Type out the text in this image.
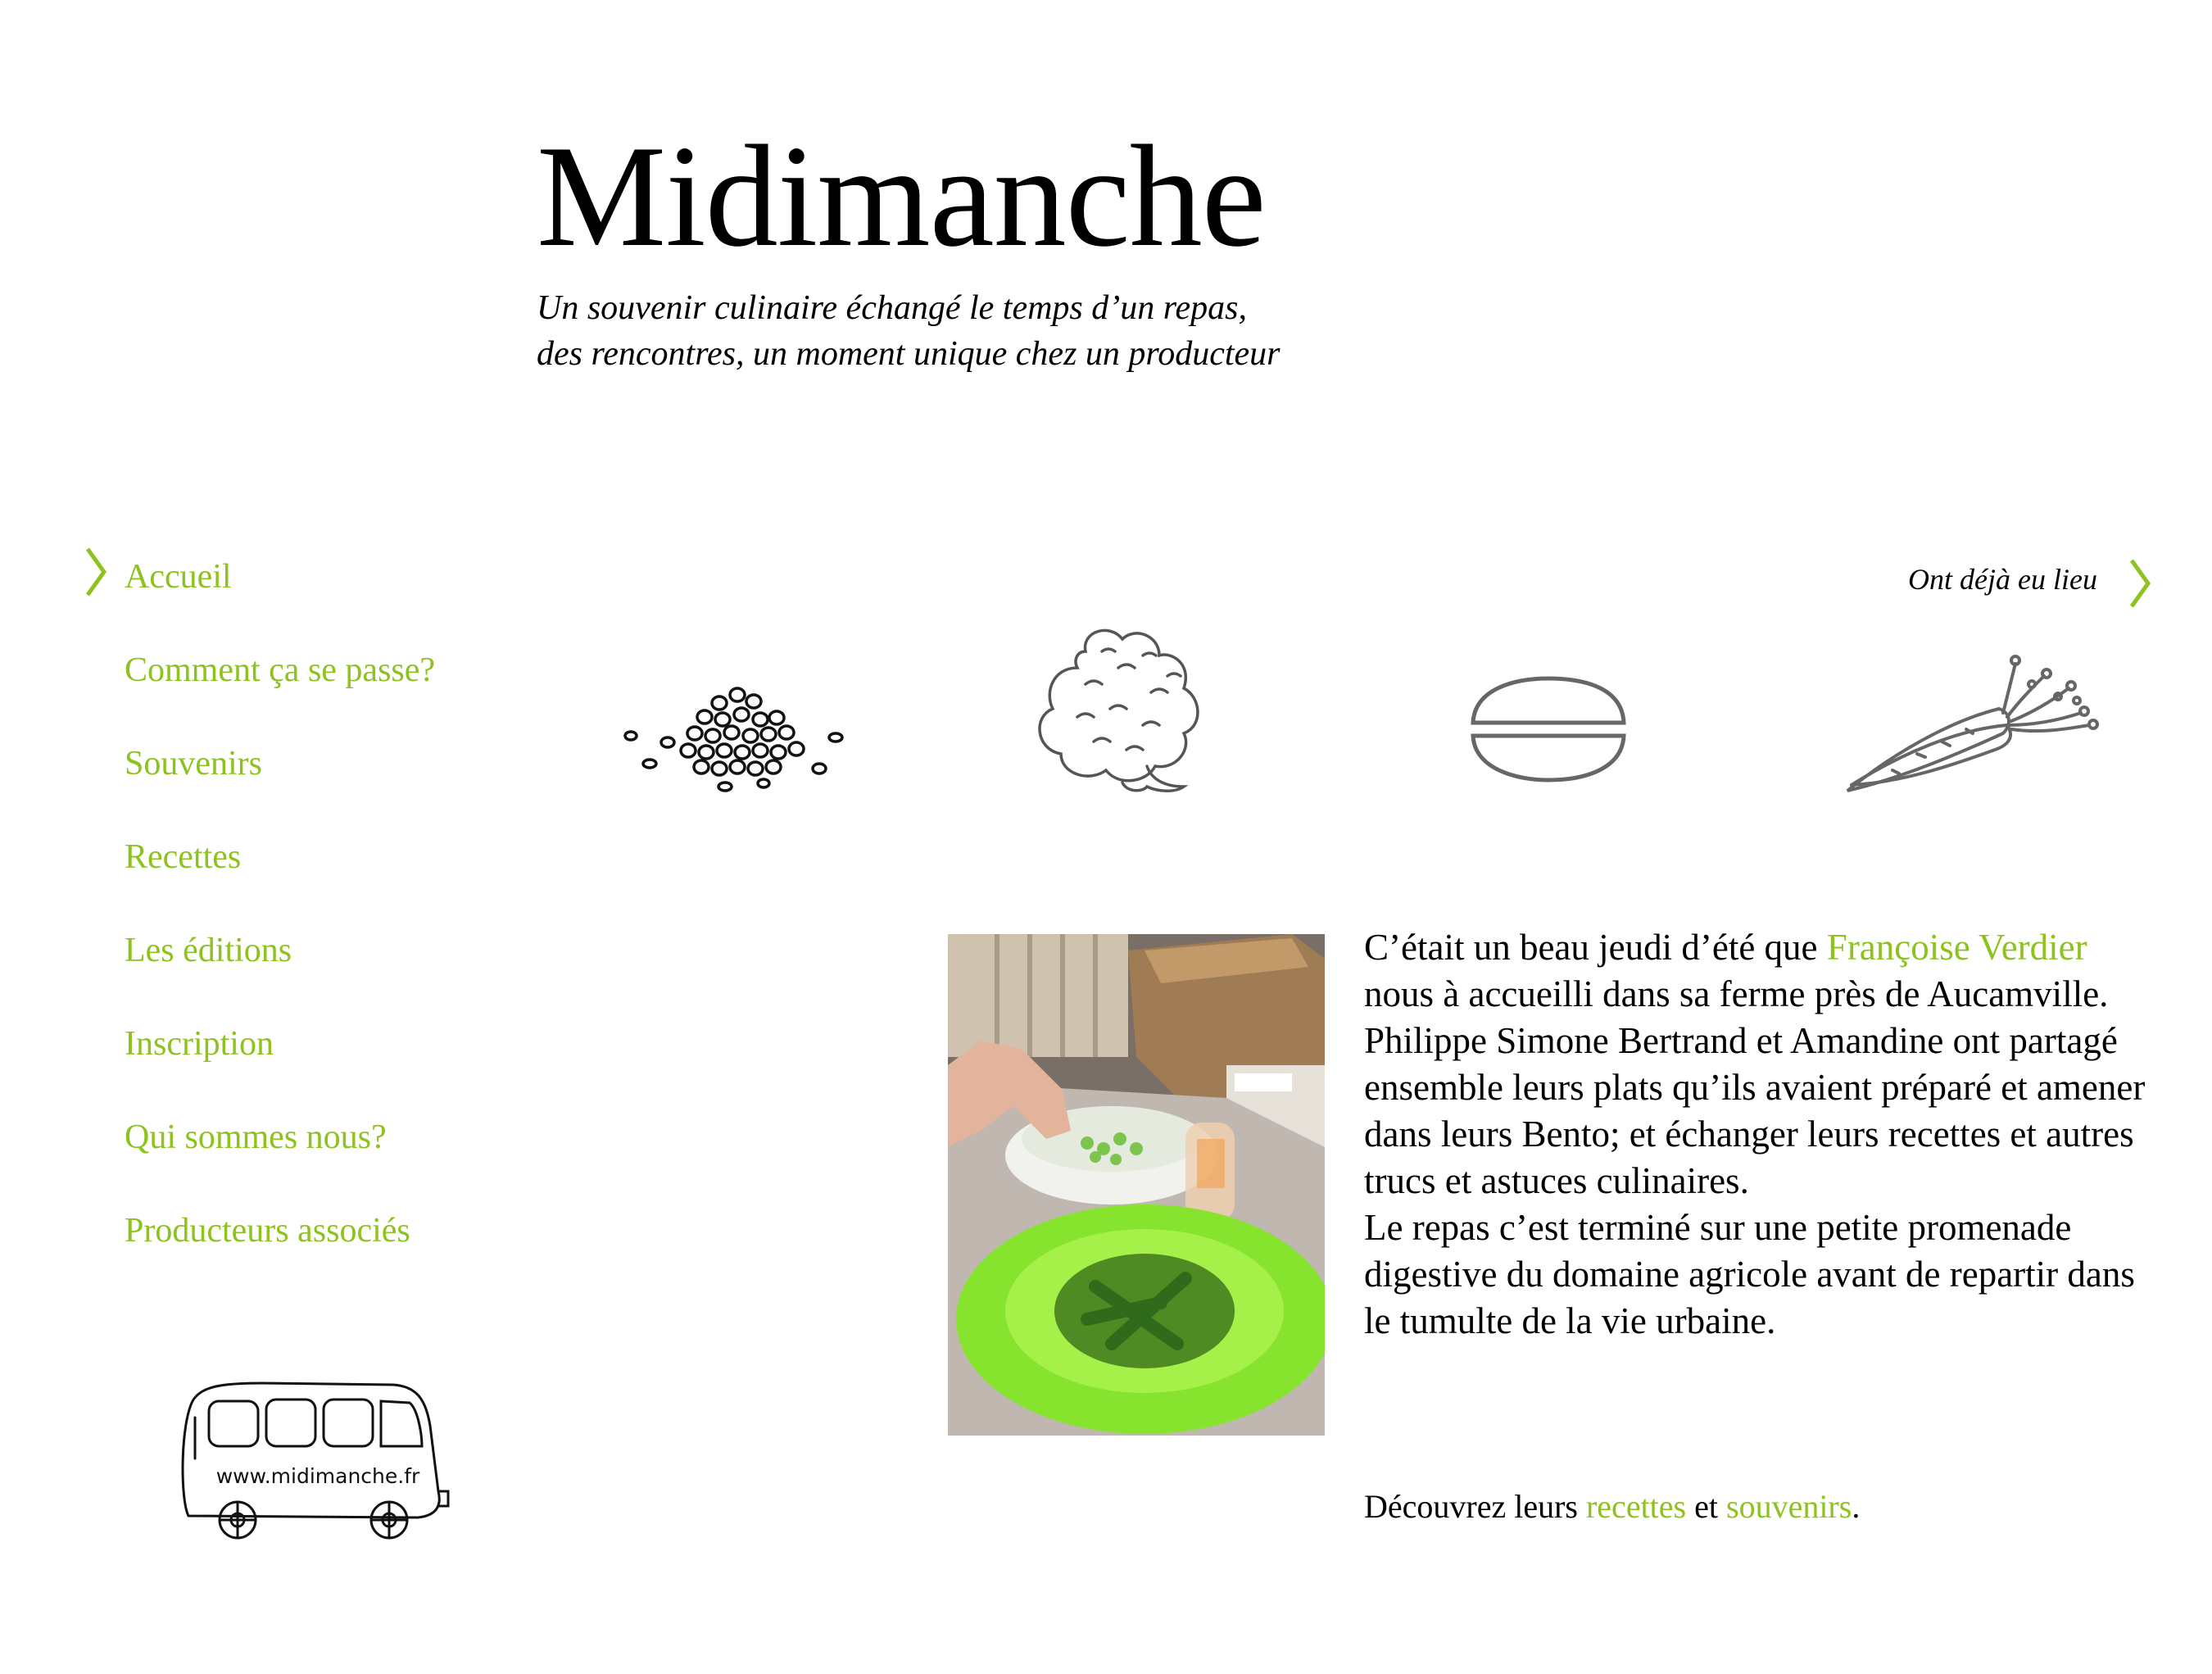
Midimanche
Un souvenir culinaire échangé le temps d’un repas,
des rencontres, un moment unique chez un producteur
Accueil
Comment ça se passe?
Souvenirs
Recettes
Les éditions
Inscription
Qui sommes nous?
Producteurs associés
Ont déjà eu lieu

C’était un beau jeudi d’été que Françoise Verdier nous à accueilli dans sa ferme près de Aucamville.

Philippe Simone Bertrand et Amandine ont partagé ensemble leurs plats qu’ils avaient préparé et amener dans leurs Bento; et échanger leurs recettes et autres trucs et astuces culinaires.

Le repas c’est terminé sur une petite promenade digestive du domaine agricole avant de repartir dans le tumulte de la vie urbaine.

Découvrez leurs recettes et souvenirs.
www.midimanche.fr
